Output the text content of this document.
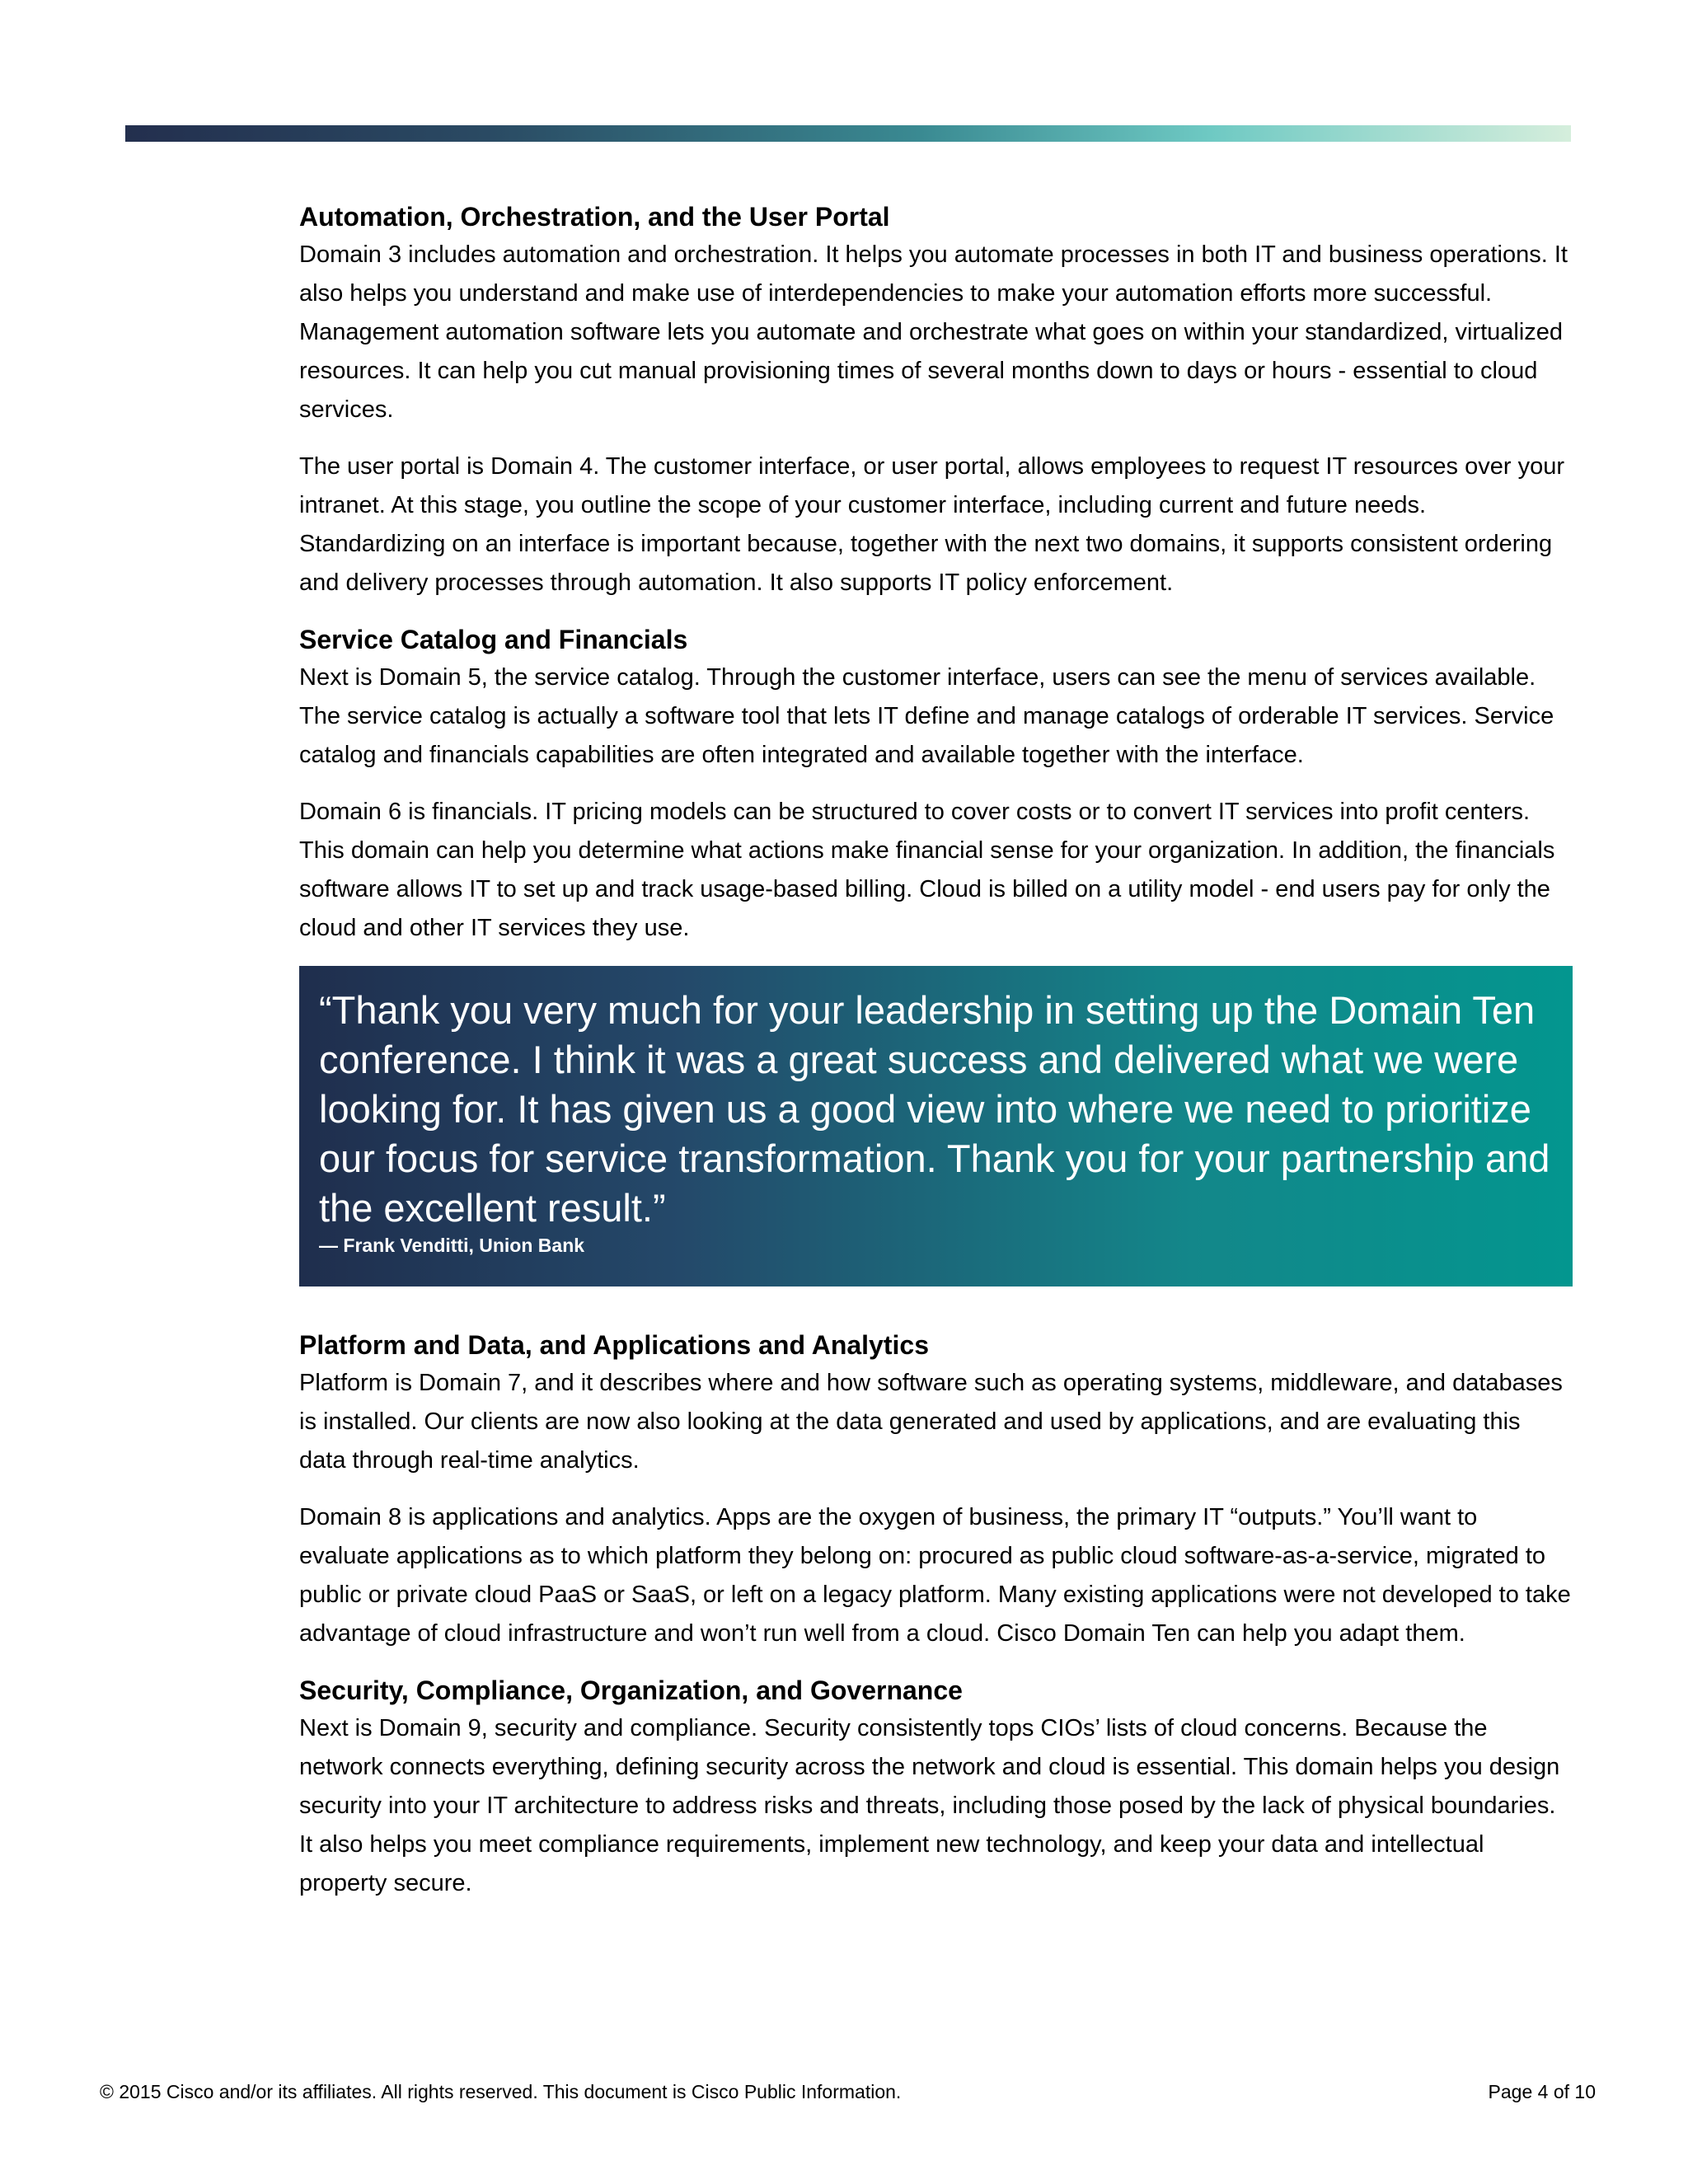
Automation, Orchestration, and the User Portal

Domain 3 includes automation and orchestration. It helps you automate processes in both IT and business operations. It also helps you understand and make use of interdependencies to make your automation efforts more successful. Management automation software lets you automate and orchestrate what goes on within your standardized, virtualized resources. It can help you cut manual provisioning times of several months down to days or hours - essential to cloud services.

The user portal is Domain 4. The customer interface, or user portal, allows employees to request IT resources over your intranet. At this stage, you outline the scope of your customer interface, including current and future needs. Standardizing on an interface is important because, together with the next two domains, it supports consistent ordering and delivery processes through automation. It also supports IT policy enforcement.

Service Catalog and Financials

Next is Domain 5, the service catalog. Through the customer interface, users can see the menu of services available. The service catalog is actually a software tool that lets IT define and manage catalogs of orderable IT services. Service catalog and financials capabilities are often integrated and available together with the interface.

Domain 6 is financials. IT pricing models can be structured to cover costs or to convert IT services into profit centers. This domain can help you determine what actions make financial sense for your organization. In addition, the financials software allows IT to set up and track usage-based billing. Cloud is billed on a utility model - end users pay for only the cloud and other IT services they use.

“Thank you very much for your leadership in setting up the Domain Ten conference. I think it was a great success and delivered what we were looking for. It has given us a good view into where we need to prioritize our focus for service transformation. Thank you for your partnership and the excellent result.”

— Frank Venditti, Union Bank

Platform and Data, and Applications and Analytics

Platform is Domain 7, and it describes where and how software such as operating systems, middleware, and databases is installed. Our clients are now also looking at the data generated and used by applications, and are evaluating this data through real-time analytics.

Domain 8 is applications and analytics. Apps are the oxygen of business, the primary IT “outputs.” You’ll want to evaluate applications as to which platform they belong on: procured as public cloud software-as-a-service, migrated to public or private cloud PaaS or SaaS, or left on a legacy platform. Many existing applications were not developed to take advantage of cloud infrastructure and won’t run well from a cloud. Cisco Domain Ten can help you adapt them.

Security, Compliance, Organization, and Governance

Next is Domain 9, security and compliance. Security consistently tops CIOs’ lists of cloud concerns. Because the network connects everything, defining security across the network and cloud is essential. This domain helps you design security into your IT architecture to address risks and threats, including those posed by the lack of physical boundaries. It also helps you meet compliance requirements, implement new technology, and keep your data and intellectual property secure.

© 2015 Cisco and/or its affiliates. All rights reserved. This document is Cisco Public Information.	Page 4 of 10
